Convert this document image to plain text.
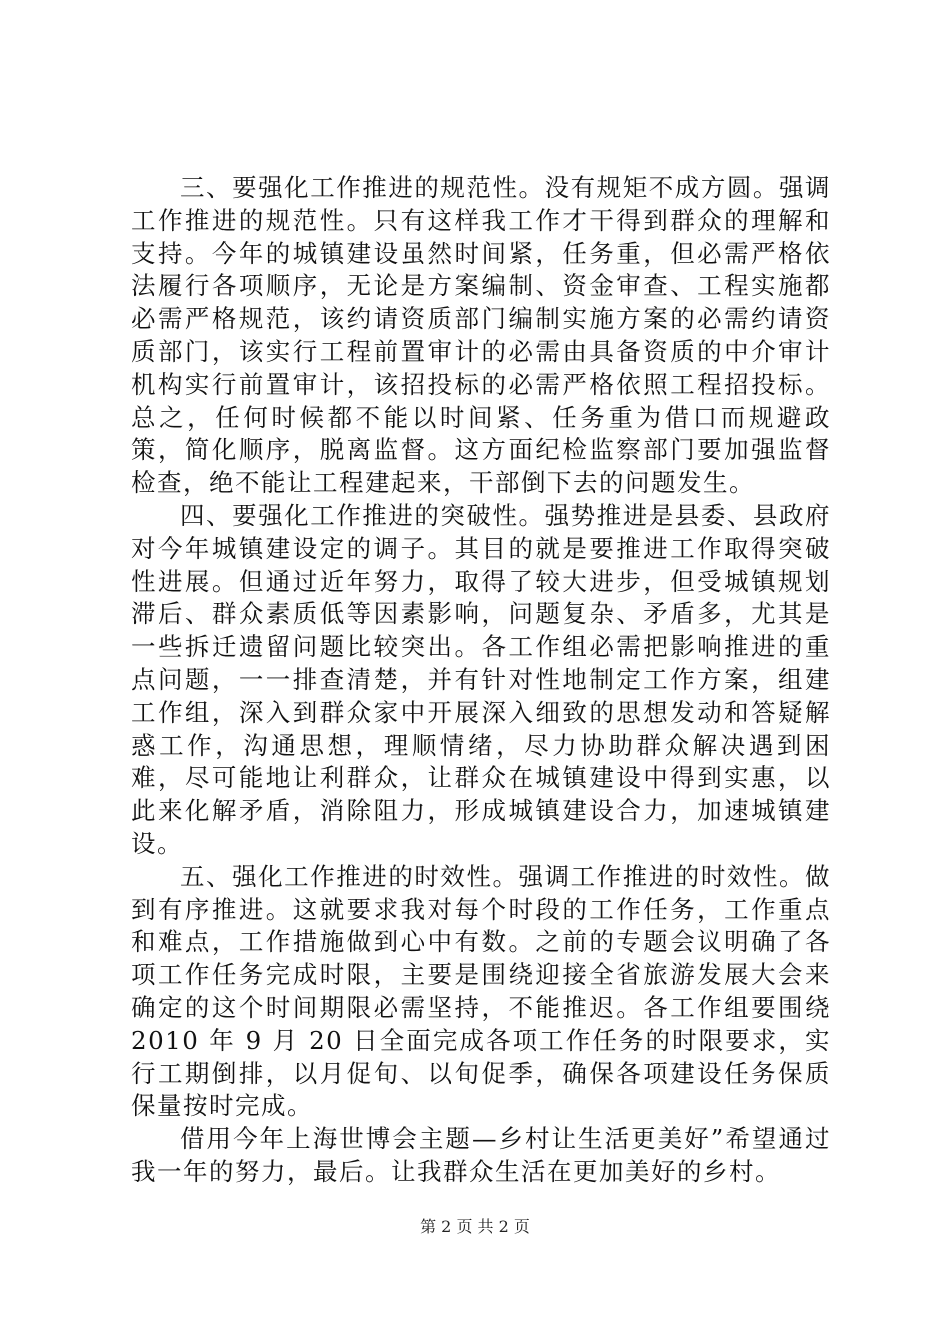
三、要强化工作推进的规范性。没有规矩不成方圆。强调工作推进的规范性。只有这样我工作才干得到群众的理解和支持。今年的城镇建设虽然时间紧，任务重，但必需严格依法履行各项顺序，无论是方案编制、资金审查、工程实施都必需严格规范，该约请资质部门编制实施方案的必需约请资质部门，该实行工程前置审计的必需由具备资质的中介审计机构实行前置审计，该招投标的必需严格依照工程招投标。总之，任何时候都不能以时间紧、任务重为借口而规避政策，简化顺序，脱离监督。这方面纪检监察部门要加强监督检查，绝不能让工程建起来，干部倒下去的问题发生。

四、要强化工作推进的突破性。强势推进是县委、县政府对今年城镇建设定的调子。其目的就是要推进工作取得突破性进展。但通过近年努力，取得了较大进步，但受城镇规划滞后、群众素质低等因素影响，问题复杂、矛盾多，尤其是一些拆迁遗留问题比较突出。各工作组必需把影响推进的重点问题，一一排查清楚，并有针对性地制定工作方案，组建工作组，深入到群众家中开展深入细致的思想发动和答疑解惑工作，沟通思想，理顺情绪，尽力协助群众解决遇到困难，尽可能地让利群众，让群众在城镇建设中得到实惠，以此来化解矛盾，消除阻力，形成城镇建设合力，加速城镇建设。

五、强化工作推进的时效性。强调工作推进的时效性。做到有序推进。这就要求我对每个时段的工作任务，工作重点和难点，工作措施做到心中有数。之前的专题会议明确了各项工作任务完成时限，主要是围绕迎接全省旅游发展大会来确定的这个时间期限必需坚持，不能推迟。各工作组要围绕 2010 年 9 月 20 日全面完成各项工作任务的时限要求，实行工期倒排，以月促旬、以旬促季，确保各项建设任务保质保量按时完成。

借用今年上海世博会主题—乡村让生活更美好”希望通过我一年的努力，最后。让我群众生活在更加美好的乡村。

第 2 页 共 2 页
